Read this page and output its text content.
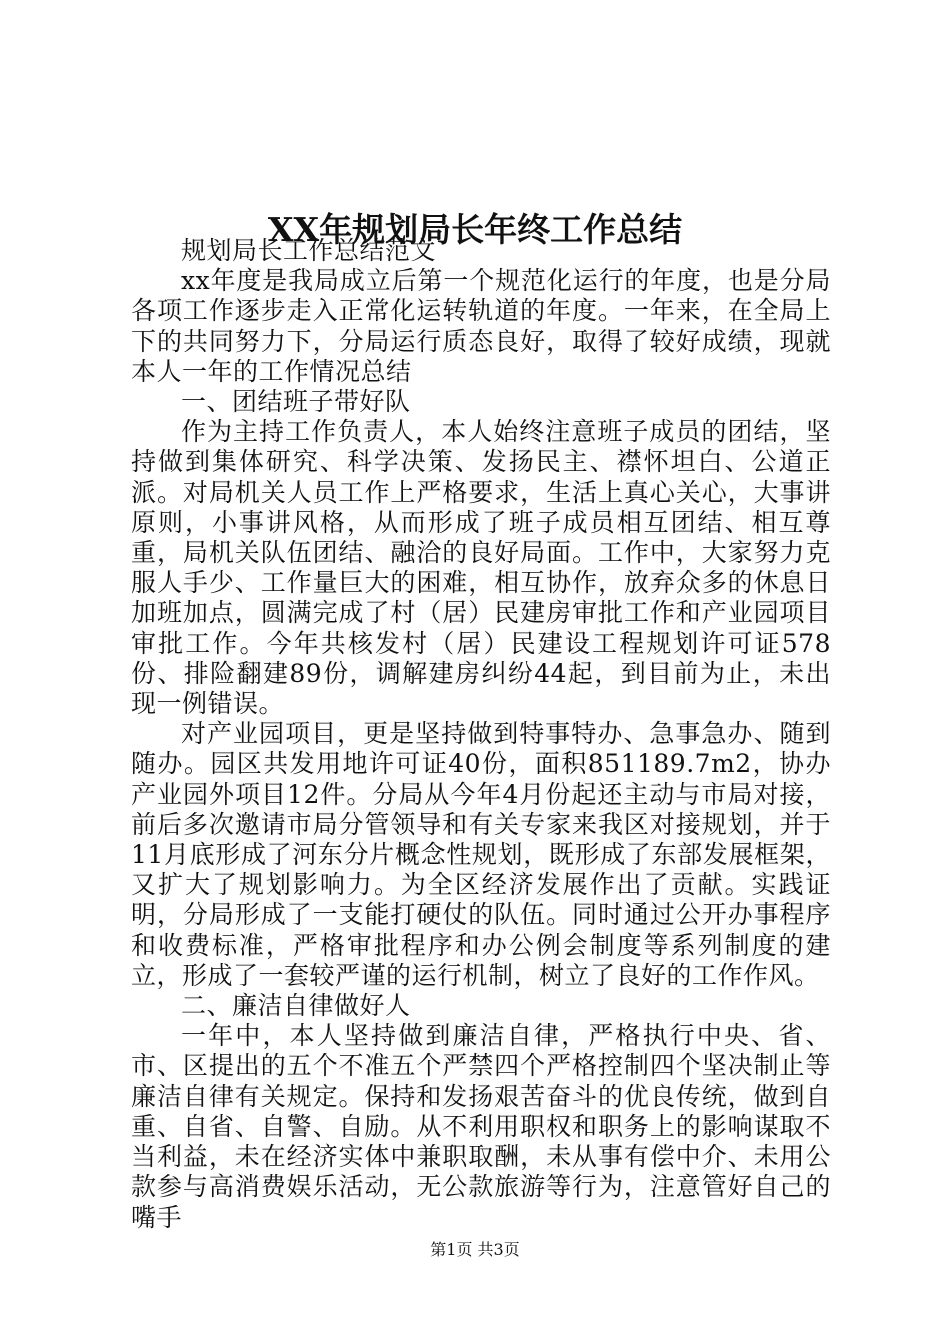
XX年规划局长年终工作总结

规划局长工作总结范文

xx年度是我局成立后第一个规范化运行的年度，也是分局各项工作逐步走入正常化运转轨道的年度。一年来，在全局上下的共同努力下，分局运行质态良好，取得了较好成绩，现就本人一年的工作情况总结

一、团结班子带好队

作为主持工作负责人，本人始终注意班子成员的团结，坚持做到集体研究、科学决策、发扬民主、襟怀坦白、公道正派。对局机关人员工作上严格要求，生活上真心关心，大事讲原则，小事讲风格，从而形成了班子成员相互团结、相互尊重，局机关队伍团结、融洽的良好局面。工作中，大家努力克服人手少、工作量巨大的困难，相互协作，放弃众多的休息日加班加点，圆满完成了村（居）民建房审批工作和产业园项目审批工作。今年共核发村（居）民建设工程规划许可证578份、排险翻建89份，调解建房纠纷44起，到目前为止，未出现一例错误。

对产业园项目，更是坚持做到特事特办、急事急办、随到随办。园区共发用地许可证40份，面积851189.7m2，协办产业园外项目12件。分局从今年4月份起还主动与市局对接，前后多次邀请市局分管领导和有关专家来我区对接规划，并于11月底形成了河东分片概念性规划，既形成了东部发展框架，又扩大了规划影响力。为全区经济发展作出了贡献。实践证明，分局形成了一支能打硬仗的队伍。同时通过公开办事程序和收费标准，严格审批程序和办公例会制度等系列制度的建立，形成了一套较严谨的运行机制，树立了良好的工作作风。

二、廉洁自律做好人

一年中，本人坚持做到廉洁自律，严格执行中央、省、市、区提出的五个不准五个严禁四个严格控制四个坚决制止等廉洁自律有关规定。保持和发扬艰苦奋斗的优良传统，做到自重、自省、自警、自励。从不利用职权和职务上的影响谋取不当利益，未在经济实体中兼职取酬，未从事有偿中介、未用公款参与高消费娱乐活动，无公款旅游等行为，注意管好自己的嘴手

第1页 共3页
